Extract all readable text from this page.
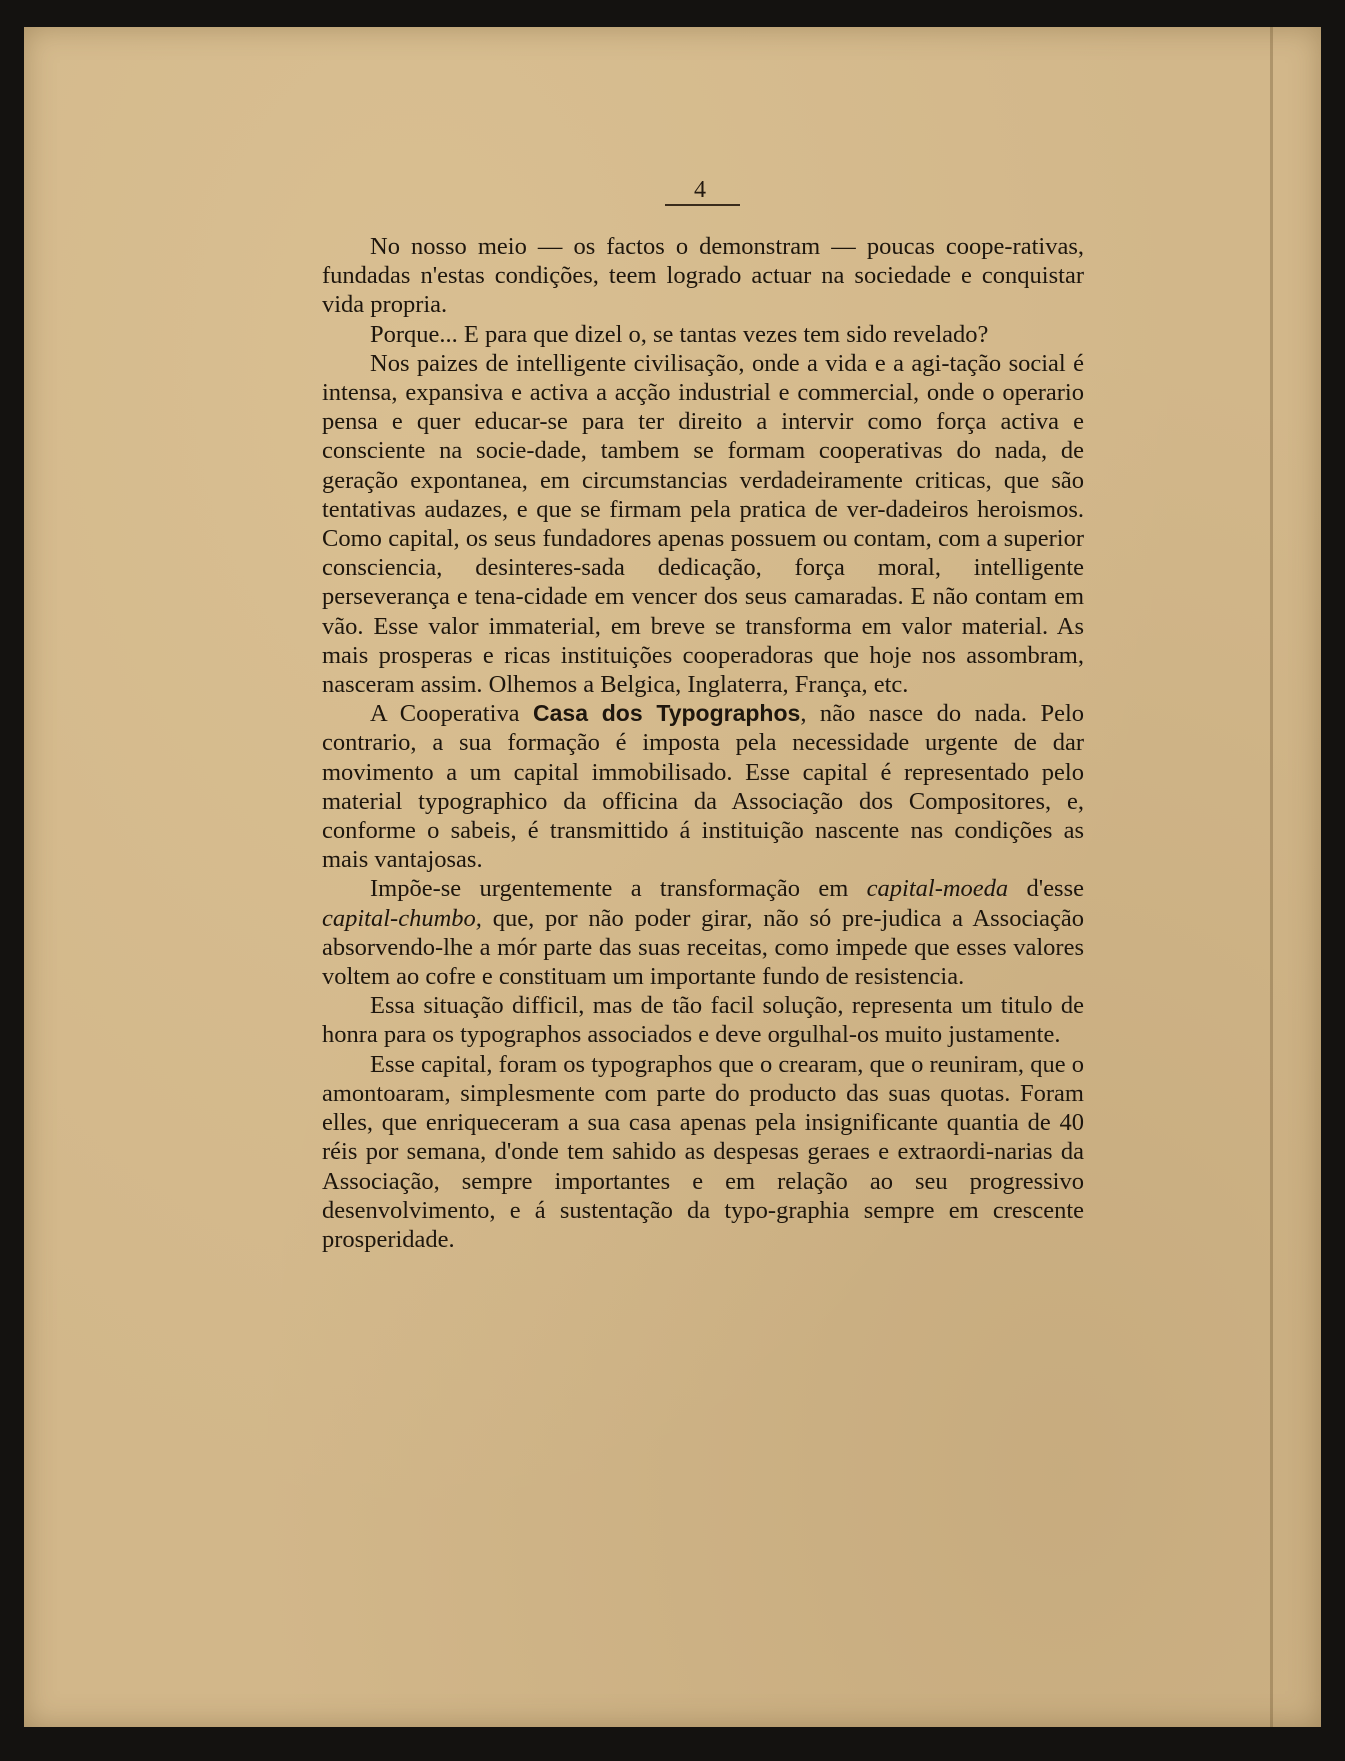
4

No nosso meio — os factos o demonstram — poucas coope-rativas, fundadas n'estas condições, teem logrado actuar na sociedade e conquistar vida propria.

Porque... E para que dizel o, se tantas vezes tem sido revelado?

Nos paizes de intelligente civilisação, onde a vida e a agi-tação social é intensa, expansiva e activa a acção industrial e commercial, onde o operario pensa e quer educar-se para ter direito a intervir como força activa e consciente na socie-dade, tambem se formam cooperativas do nada, de geração expontanea, em circumstancias verdadeiramente criticas, que são tentativas audazes, e que se firmam pela pratica de ver-dadeiros heroismos. Como capital, os seus fundadores apenas possuem ou contam, com a superior consciencia, desinteres-sada dedicação, força moral, intelligente perseverança e tena-cidade em vencer dos seus camaradas. E não contam em vão. Esse valor immaterial, em breve se transforma em valor material. As mais prosperas e ricas instituições cooperadoras que hoje nos assombram, nasceram assim. Olhemos a Belgica, Inglaterra, França, etc.

A Cooperativa Casa dos Typographos, não nasce do nada. Pelo contrario, a sua formação é imposta pela necessidade urgente de dar movimento a um capital immobilisado. Esse capital é representado pelo material typographico da officina da Associação dos Compositores, e, conforme o sabeis, é transmittido á instituição nascente nas condições as mais vantajosas.

Impõe-se urgentemente a transformação em capital-moeda d'esse capital-chumbo, que, por não poder girar, não só pre-judica a Associação absorvendo-lhe a mór parte das suas receitas, como impede que esses valores voltem ao cofre e constituam um importante fundo de resistencia.

Essa situação difficil, mas de tão facil solução, representa um titulo de honra para os typographos associados e deve orgulhal-os muito justamente.

Esse capital, foram os typographos que o crearam, que o reuniram, que o amontoaram, simplesmente com parte do producto das suas quotas. Foram elles, que enriqueceram a sua casa apenas pela insignificante quantia de 40 réis por semana, d'onde tem sahido as despesas geraes e extraordi-narias da Associação, sempre importantes e em relação ao seu progressivo desenvolvimento, e á sustentação da typo-graphia sempre em crescente prosperidade.
